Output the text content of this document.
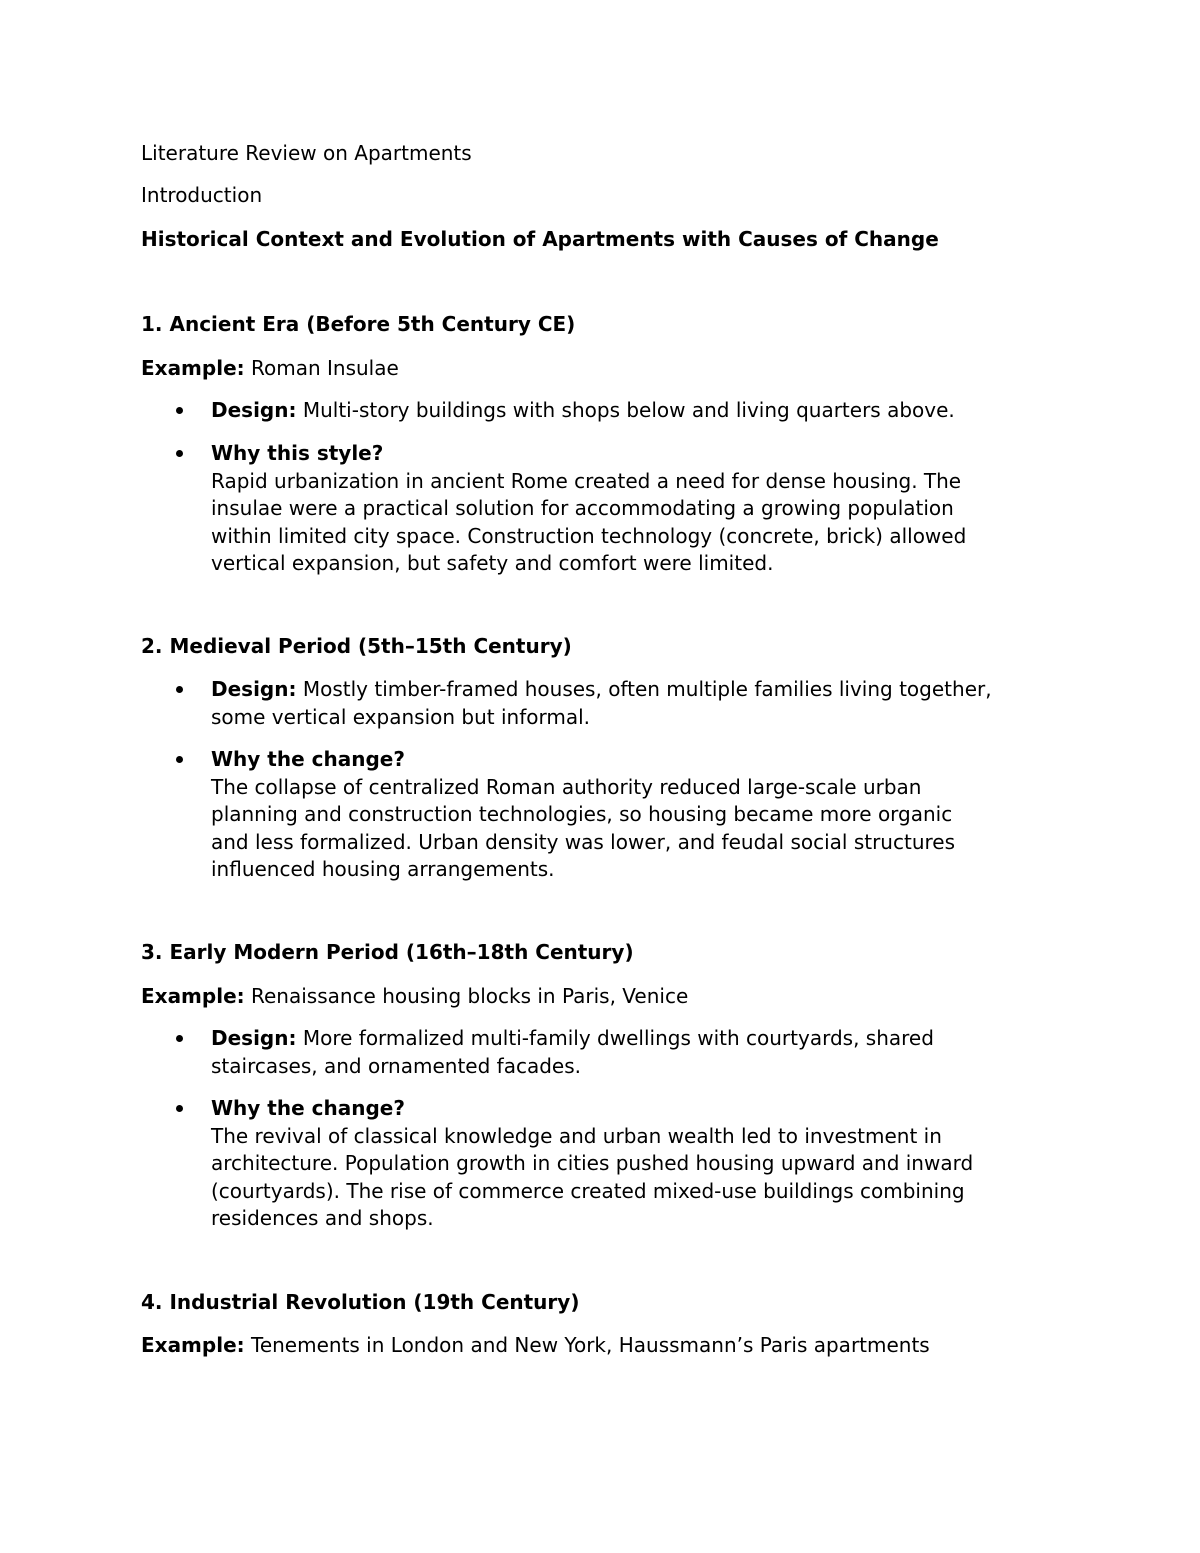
Literature Review on Apartments
Introduction
Historical Context and Evolution of Apartments with Causes of Change
1. Ancient Era (Before 5th Century CE)
Example: Roman Insulae
Design: Multi-story buildings with shops below and living quarters above.
Why this style?
Rapid urbanization in ancient Rome created a need for dense housing. The
insulae were a practical solution for accommodating a growing population
within limited city space. Construction technology (concrete, brick) allowed
vertical expansion, but safety and comfort were limited.
2. Medieval Period (5th–15th Century)
Design: Mostly timber-framed houses, often multiple families living together,
some vertical expansion but informal.
Why the change?
The collapse of centralized Roman authority reduced large-scale urban
planning and construction technologies, so housing became more organic
and less formalized. Urban density was lower, and feudal social structures
influenced housing arrangements.
3. Early Modern Period (16th–18th Century)
Example: Renaissance housing blocks in Paris, Venice
Design: More formalized multi-family dwellings with courtyards, shared
staircases, and ornamented facades.
Why the change?
The revival of classical knowledge and urban wealth led to investment in
architecture. Population growth in cities pushed housing upward and inward
(courtyards). The rise of commerce created mixed-use buildings combining
residences and shops.
4. Industrial Revolution (19th Century)
Example: Tenements in London and New York, Haussmann’s Paris apartments
